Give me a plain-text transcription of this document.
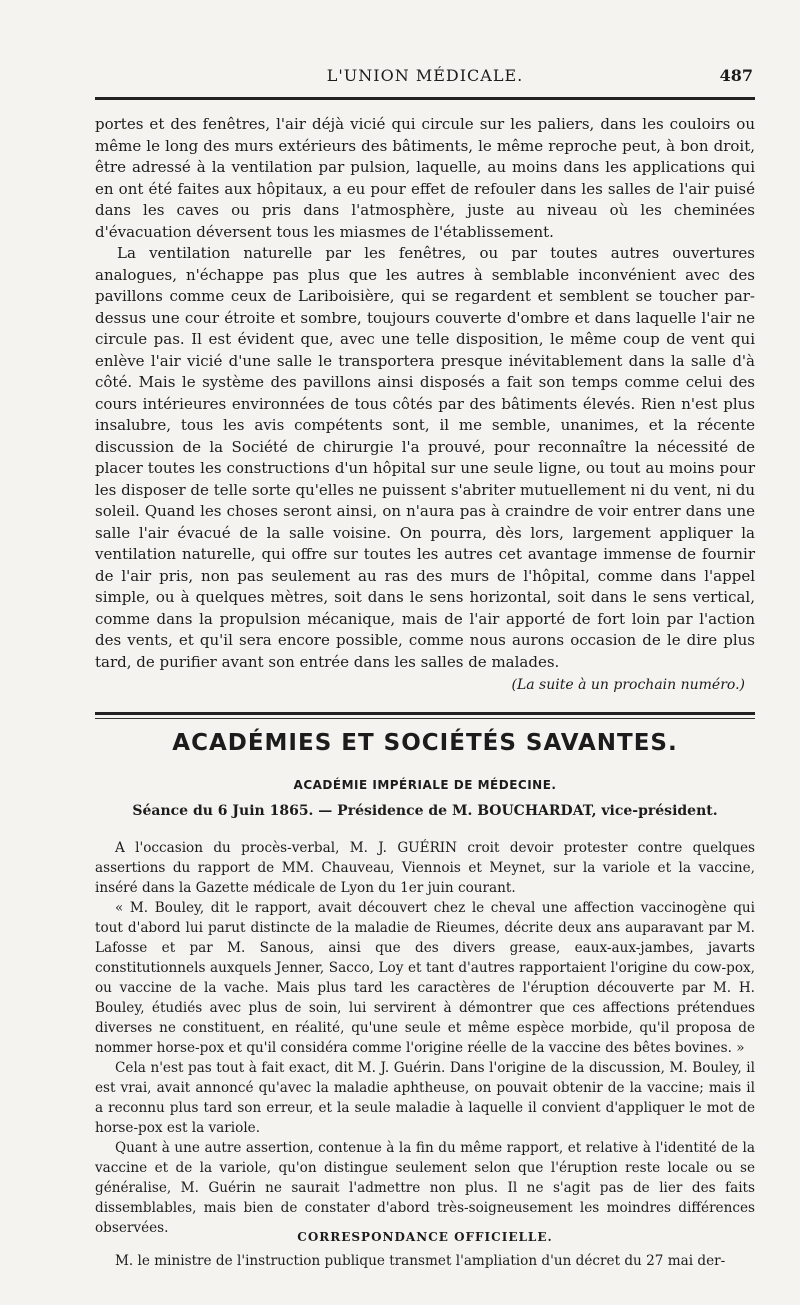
L'UNION MÉDICALE.	487

portes et des fenêtres, l'air déjà vicié qui circule sur les paliers, dans les couloirs ou même le long des murs extérieurs des bâtiments, le même reproche peut, à bon droit, être adressé à la ventilation par pulsion, laquelle, au moins dans les applications qui en ont été faites aux hôpitaux, a eu pour effet de refouler dans les salles de l'air puisé dans les caves ou pris dans l'atmosphère, juste au niveau où les cheminées d'évacuation déversent tous les miasmes de l'établissement.

La ventilation naturelle par les fenêtres, ou par toutes autres ouvertures analogues, n'échappe pas plus que les autres à semblable inconvénient avec des pavillons comme ceux de Lariboisière, qui se regardent et semblent se toucher par-dessus une cour étroite et sombre, toujours couverte d'ombre et dans laquelle l'air ne circule pas. Il est évident que, avec une telle disposition, le même coup de vent qui enlève l'air vicié d'une salle le transportera presque inévitablement dans la salle d'à côté. Mais le système des pavillons ainsi disposés a fait son temps comme celui des cours intérieures environnées de tous côtés par des bâtiments élevés. Rien n'est plus insalubre, tous les avis compétents sont, il me semble, unanimes, et la récente discussion de la Société de chirurgie l'a prouvé, pour reconnaître la nécessité de placer toutes les constructions d'un hôpital sur une seule ligne, ou tout au moins pour les disposer de telle sorte qu'elles ne puissent s'abriter mutuellement ni du vent, ni du soleil. Quand les choses seront ainsi, on n'aura pas à craindre de voir entrer dans une salle l'air évacué de la salle voisine. On pourra, dès lors, largement appliquer la ventilation naturelle, qui offre sur toutes les autres cet avantage immense de fournir de l'air pris, non pas seulement au ras des murs de l'hôpital, comme dans l'appel simple, ou à quelques mètres, soit dans le sens horizontal, soit dans le sens vertical, comme dans la propulsion mécanique, mais de l'air apporté de fort loin par l'action des vents, et qu'il sera encore possible, comme nous aurons occasion de le dire plus tard, de purifier avant son entrée dans les salles de malades.

(La suite à un prochain numéro.)
ACADÉMIES ET SOCIÉTÉS SAVANTES.
ACADÉMIE IMPÉRIALE DE MÉDECINE.
Séance du 6 Juin 1865. — Présidence de M. BOUCHARDAT, vice-président.

A l'occasion du procès-verbal, M. J. GUÉRIN croit devoir protester contre quelques assertions du rapport de MM. Chauveau, Viennois et Meynet, sur la variole et la vaccine, inséré dans la Gazette médicale de Lyon du 1er juin courant.

« M. Bouley, dit le rapport, avait découvert chez le cheval une affection vaccinogène qui tout d'abord lui parut distincte de la maladie de Rieumes, décrite deux ans auparavant par M. Lafosse et par M. Sanous, ainsi que des divers grease, eaux-aux-jambes, javarts constitutionnels auxquels Jenner, Sacco, Loy et tant d'autres rapportaient l'origine du cow-pox, ou vaccine de la vache. Mais plus tard les caractères de l'éruption découverte par M. H. Bouley, étudiés avec plus de soin, lui servirent à démontrer que ces affections prétendues diverses ne constituent, en réalité, qu'une seule et même espèce morbide, qu'il proposa de nommer horse-pox et qu'il considéra comme l'origine réelle de la vaccine des bêtes bovines. »

Cela n'est pas tout à fait exact, dit M. J. Guérin. Dans l'origine de la discussion, M. Bouley, il est vrai, avait annoncé qu'avec la maladie aphtheuse, on pouvait obtenir de la vaccine; mais il a reconnu plus tard son erreur, et la seule maladie à laquelle il convient d'appliquer le mot de horse-pox est la variole.

Quant à une autre assertion, contenue à la fin du même rapport, et relative à l'identité de la vaccine et de la variole, qu'on distingue seulement selon que l'éruption reste locale ou se généralise, M. Guérin ne saurait l'admettre non plus. Il ne s'agit pas de lier des faits dissemblables, mais bien de constater d'abord très-soigneusement les moindres différences observées.

CORRESPONDANCE OFFICIELLE.

M. le ministre de l'instruction publique transmet l'ampliation d'un décret du 27 mai der-
